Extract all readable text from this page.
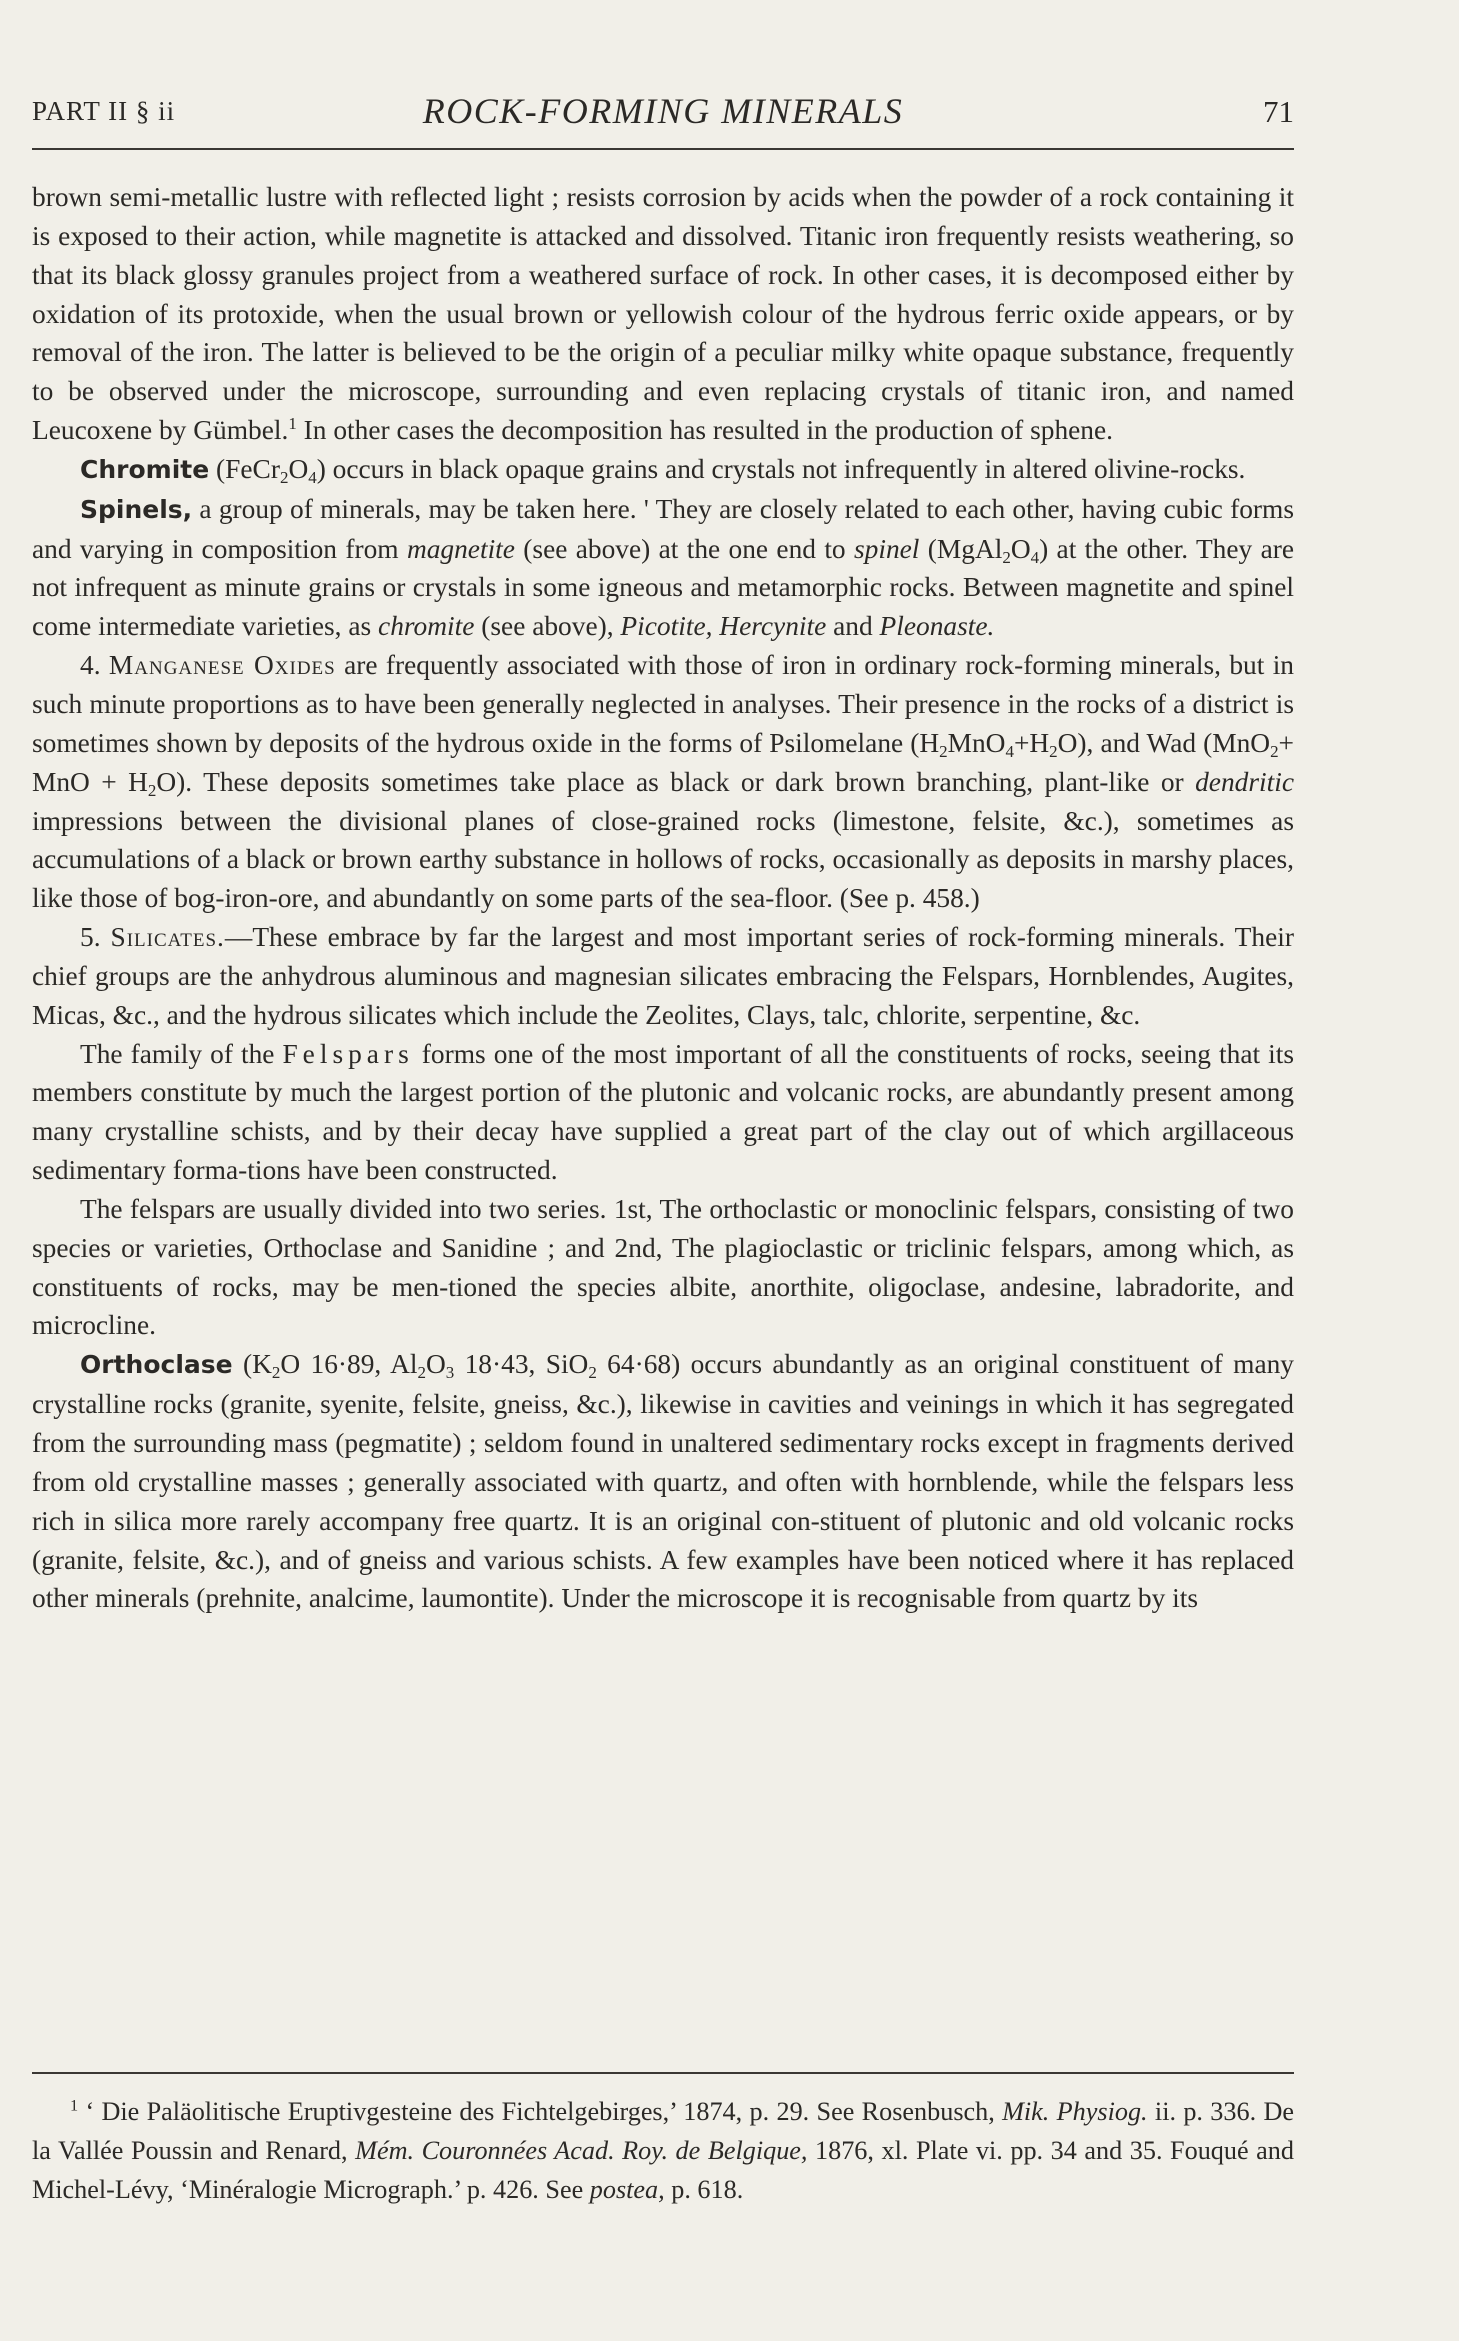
PART II § ii	ROCK-FORMING MINERALS	71

brown semi-metallic lustre with reflected light ; resists corrosion by acids when the powder of a rock containing it is exposed to their action, while magnetite is attacked and dissolved. Titanic iron frequently resists weathering, so that its black glossy granules project from a weathered surface of rock. In other cases, it is decomposed either by oxidation of its protoxide, when the usual brown or yellowish colour of the hydrous ferric oxide appears, or by removal of the iron. The latter is believed to be the origin of a peculiar milky white opaque substance, frequently to be observed under the microscope, surrounding and even replacing crystals of titanic iron, and named Leucoxene by Gümbel.$^1$ In other cases the decomposition has resulted in the production of sphene.

Chromite $(FeCr_2O_4)$ occurs in black opaque grains and crystals not infrequently in altered olivine-rocks.

Spinels, a group of minerals, may be taken here. ' They are closely related to each other, having cubic forms and varying in composition from magnetite (see above) at the one end to spinel $(MgAl_2O_4)$ at the other. They are not infrequent as minute grains or crystals in some igneous and metamorphic rocks. Between magnetite and spinel come intermediate varieties, as chromite (see above), Picotite, Hercynite and Pleonaste.

4. Manganese Oxides are frequently associated with those of iron in ordinary rock-forming minerals, but in such minute proportions as to have been generally neglected in analyses. Their presence in the rocks of a district is sometimes shown by deposits of the hydrous oxide in the forms of Psilomelane $(H_2MnO_4+H_2O)$, and Wad (MnO$_2$+ MnO + $H_2O$). These deposits sometimes take place as black or dark brown branching, plant-like or dendritic impressions between the divisional planes of close-grained rocks (limestone, felsite, &c.), sometimes as accumulations of a black or brown earthy substance in hollows of rocks, occasionally as deposits in marshy places, like those of bog-iron-ore, and abundantly on some parts of the sea-floor. (See p. 458.)

5. Silicates.—These embrace by far the largest and most important series of rock-forming minerals. Their chief groups are the anhydrous aluminous and magnesian silicates embracing the Felspars, Hornblendes, Augites, Micas, &c., and the hydrous silicates which include the Zeolites, Clays, talc, chlorite, serpentine, &c.

The family of the Felspars forms one of the most important of all the constituents of rocks, seeing that its members constitute by much the largest portion of the plutonic and volcanic rocks, are abundantly present among many crystalline schists, and by their decay have supplied a great part of the clay out of which argillaceous sedimentary forma-tions have been constructed.

The felspars are usually divided into two series. 1st, The orthoclastic or monoclinic felspars, consisting of two species or varieties, Orthoclase and Sanidine ; and 2nd, The plagioclastic or triclinic felspars, among which, as constituents of rocks, may be men-tioned the species albite, anorthite, oligoclase, andesine, labradorite, and microcline.

Orthoclase ($K_2O$ 16·89, $Al_2O_3$ 18·43, SiO$_2$ 64·68) occurs abundantly as an original constituent of many crystalline rocks (granite, syenite, felsite, gneiss, &c.), likewise in cavities and veinings in which it has segregated from the surrounding mass (pegmatite) ; seldom found in unaltered sedimentary rocks except in fragments derived from old crystalline masses ; generally associated with quartz, and often with hornblende, while the felspars less rich in silica more rarely accompany free quartz. It is an original con-stituent of plutonic and old volcanic rocks (granite, felsite, &c.), and of gneiss and various schists. A few examples have been noticed where it has replaced other minerals (prehnite, analcime, laumontite). Under the microscope it is recognisable from quartz by its

$^1$ ‘ Die Paläolitische Eruptivgesteine des Fichtelgebirges,’ 1874, p. 29. See Rosenbusch, Mik. Physiog. ii. p. 336. De la Vallée Poussin and Renard, Mém. Couronnées Acad. Roy. de Belgique, 1876, xl. Plate vi. pp. 34 and 35. Fouqué and Michel-Lévy, ‘Minéralogie Micrograph.’ p. 426. See postea, p. 618.
